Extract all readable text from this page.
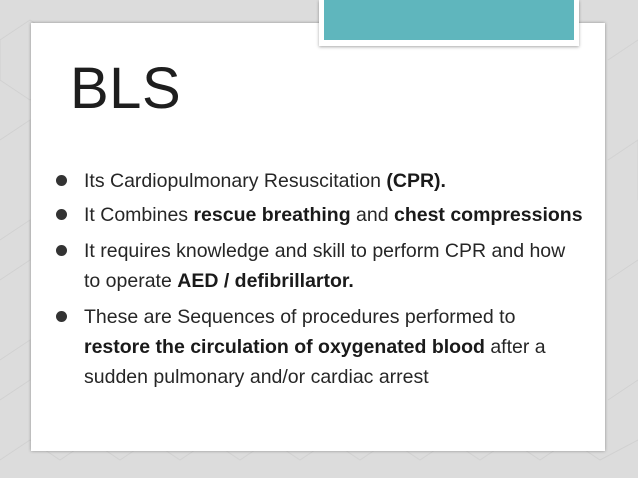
BLS
Its Cardiopulmonary Resuscitation (CPR).
It Combines rescue breathing and chest compressions
It requires knowledge and skill to perform CPR and how to operate AED / defibrillartor.
These are Sequences of procedures performed to restore the circulation of oxygenated blood after a sudden pulmonary and/or cardiac arrest
